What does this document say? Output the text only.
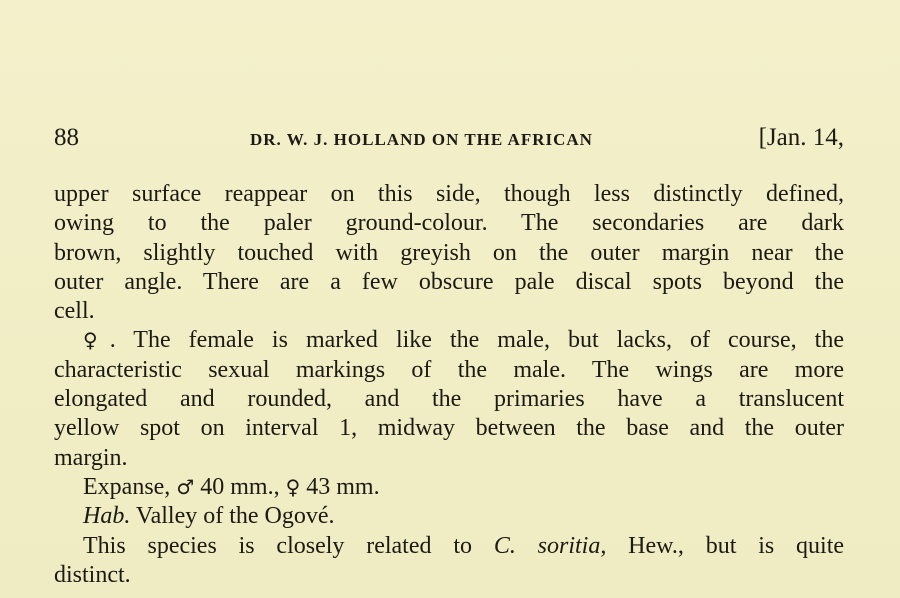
88	DR. W. J. HOLLAND ON THE AFRICAN	[Jan. 14,
upper surface reappear on this side, though less distinctly defined,
owing to the paler ground-colour. The secondaries are dark
brown, slightly touched with greyish on the outer margin near the
outer angle. There are a few obscure pale discal spots beyond the
cell.
♀. The female is marked like the male, but lacks, of course, the
characteristic sexual markings of the male. The wings are more
elongated and rounded, and the primaries have a translucent
yellow spot on interval 1, midway between the base and the outer
margin.
Expanse, ♂ 40 mm., ♀ 43 mm.
Hab. Valley of the Ogové.
This species is closely related to C. soritia, Hew., but is quite
distinct.
